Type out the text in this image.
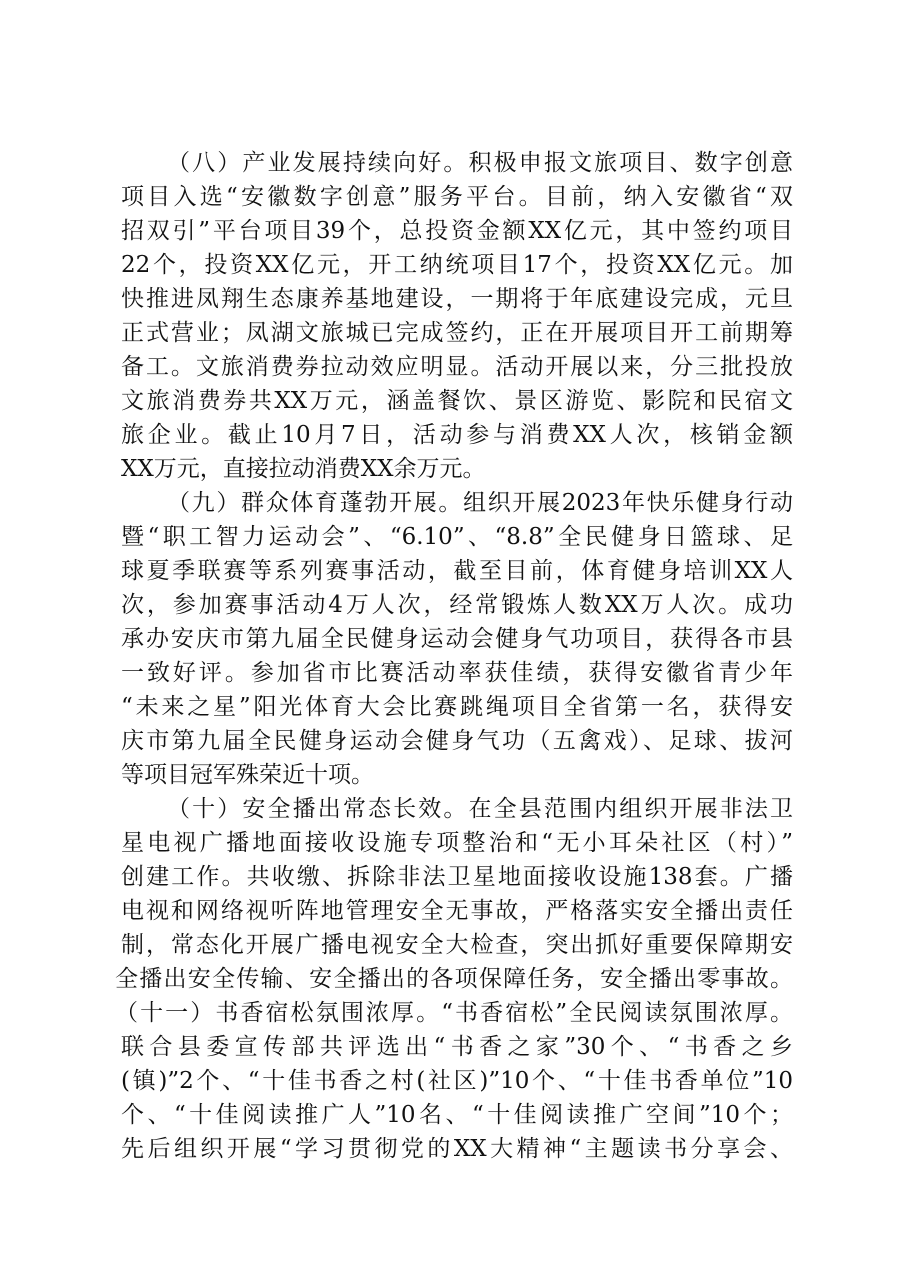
（八）产业发展持续向好。积极申报文旅项目、数字创意
项目入选“安徽数字创意”服务平台。目前，纳入安徽省“双
招双引”平台项目39个，总投资金额XX亿元，其中签约项目
22个，投资XX亿元，开工纳统项目17个，投资XX亿元。加
快推进凤翔生态康养基地建设，一期将于年底建设完成，元旦
正式营业；凤湖文旅城已完成签约，正在开展项目开工前期筹
备工。文旅消费券拉动效应明显。活动开展以来，分三批投放
文旅消费券共XX万元，涵盖餐饮、景区游览、影院和民宿文
旅企业。截止10月7日，活动参与消费XX人次，核销金额
XX万元，直接拉动消费XX余万元。
（九）群众体育蓬勃开展。组织开展2023年快乐健身行动
暨“职工智力运动会”、“6.10”、“8.8”全民健身日篮球、足
球夏季联赛等系列赛事活动，截至目前，体育健身培训XX人
次，参加赛事活动4万人次，经常锻炼人数XX万人次。成功
承办安庆市第九届全民健身运动会健身气功项目，获得各市县
一致好评。参加省市比赛活动率获佳绩，获得安徽省青少年
“未来之星”阳光体育大会比赛跳绳项目全省第一名，获得安
庆市第九届全民健身运动会健身气功（五禽戏）、足球、拔河
等项目冠军殊荣近十项。
（十）安全播出常态长效。在全县范围内组织开展非法卫
星电视广播地面接收设施专项整治和“无小耳朵社区（村）”
创建工作。共收缴、拆除非法卫星地面接收设施138套。广播
电视和网络视听阵地管理安全无事故，严格落实安全播出责任
制，常态化开展广播电视安全大检查，突出抓好重要保障期安
全播出安全传输、安全播出的各项保障任务，安全播出零事故。
（十一）书香宿松氛围浓厚。“书香宿松”全民阅读氛围浓厚。
联合县委宣传部共评选出“书香之家”30个、“书香之乡
(镇)”2个、“十佳书香之村(社区)”10个、“十佳书香单位”10
个、“十佳阅读推广人”10名、“十佳阅读推广空间”10个；
先后组织开展“学习贯彻党的XX大精神“主题读书分享会、
